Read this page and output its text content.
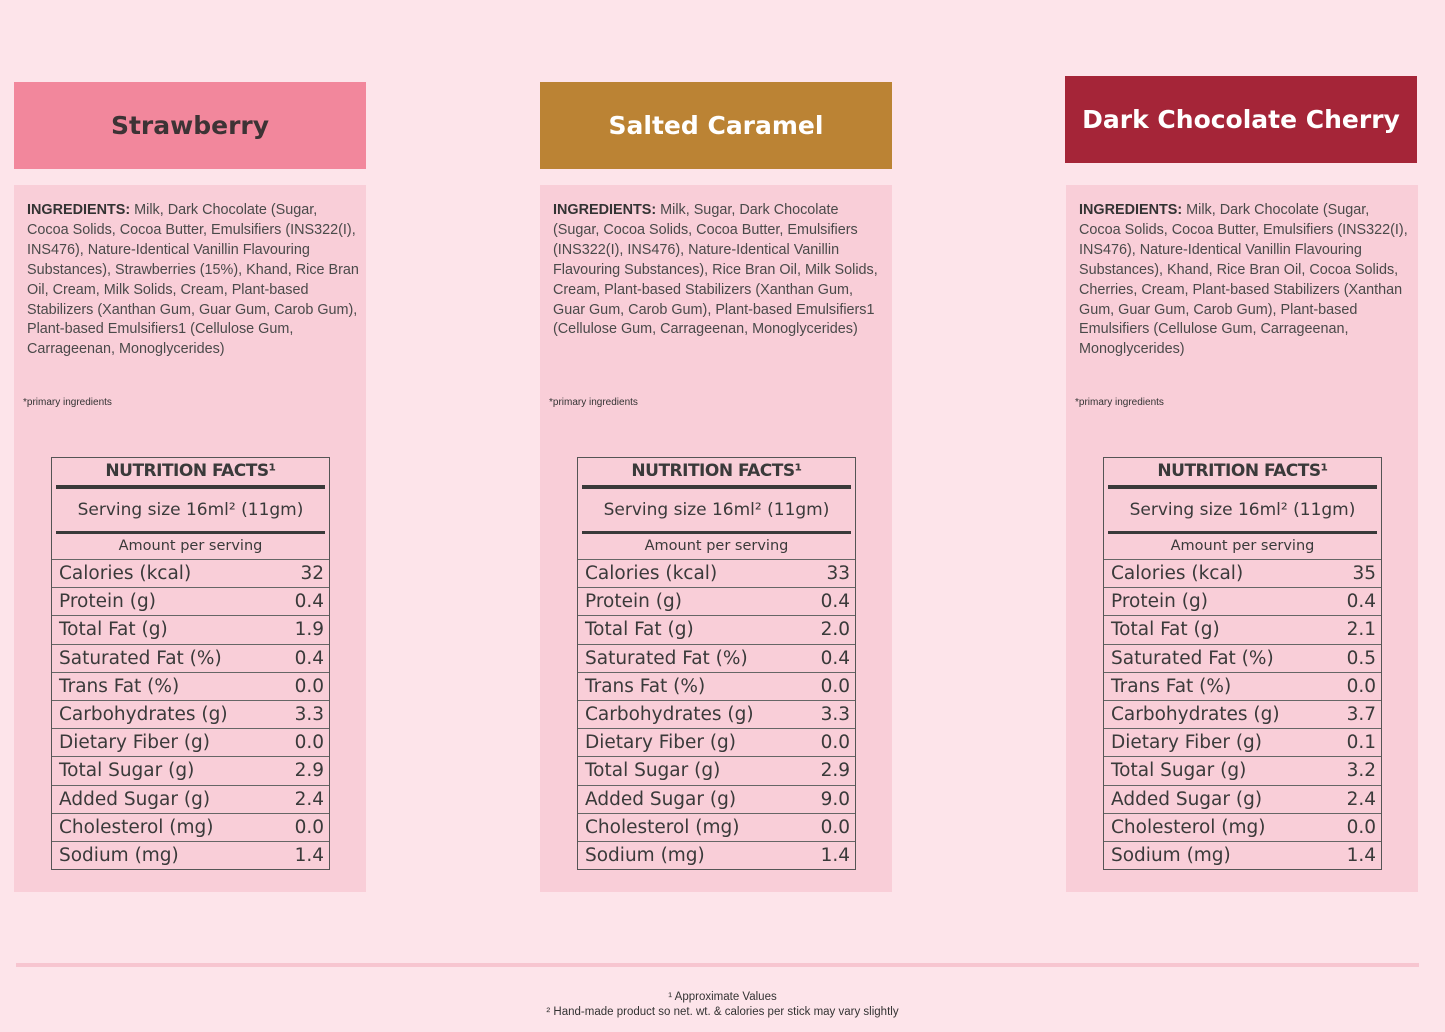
Strawberry	Salted Caramel	Dark Chocolate Cherry
INGREDIENTS: Milk, Dark Chocolate (Sugar, Cocoa Solids, Cocoa Butter, Emulsifiers (INS322(I), INS476), Nature-Identical Vanillin Flavouring Substances), Strawberries (15%), Khand, Rice Bran Oil, Cream, Milk Solids, Cream, Plant-based Stabilizers (Xanthan Gum, Guar Gum, Carob Gum), Plant-based Emulsifiers1 (Cellulose Gum, Carrageenan, Monoglycerides)
*primary ingredients
NUTRITION FACTS¹
Serving size 16ml² (11gm)
Amount per serving
Calories (kcal)	32
Protein (g)	0.4
Total Fat (g)	1.9
Saturated Fat (%)	0.4
Trans Fat (%)	0.0
Carbohydrates (g)	3.3
Dietary Fiber (g)	0.0
Total Sugar (g)	2.9
Added Sugar (g)	2.4
Cholesterol (mg)	0.0
Sodium (mg)	1.4
INGREDIENTS: Milk, Sugar, Dark Chocolate (Sugar, Cocoa Solids, Cocoa Butter, Emulsifiers (INS322(I), INS476), Nature-Identical Vanillin Flavouring Substances), Rice Bran Oil, Milk Solids, Cream, Plant-based Stabilizers (Xanthan Gum, Guar Gum, Carob Gum), Plant-based Emulsifiers1 (Cellulose Gum, Carrageenan, Monoglycerides)
*primary ingredients
NUTRITION FACTS¹
Serving size 16ml² (11gm)
Amount per serving
Calories (kcal)	33
Protein (g)	0.4
Total Fat (g)	2.0
Saturated Fat (%)	0.4
Trans Fat (%)	0.0
Carbohydrates (g)	3.3
Dietary Fiber (g)	0.0
Total Sugar (g)	2.9
Added Sugar (g)	9.0
Cholesterol (mg)	0.0
Sodium (mg)	1.4
INGREDIENTS: Milk, Dark Chocolate (Sugar, Cocoa Solids, Cocoa Butter, Emulsifiers (INS322(I), INS476), Nature-Identical Vanillin Flavouring Substances), Khand, Rice Bran Oil, Cocoa Solids, Cherries, Cream, Plant-based Stabilizers (Xanthan Gum, Guar Gum, Carob Gum), Plant-based Emulsifiers (Cellulose Gum, Carrageenan, Monoglycerides)
*primary ingredients
NUTRITION FACTS¹
Serving size 16ml² (11gm)
Amount per serving
Calories (kcal)	35
Protein (g)	0.4
Total Fat (g)	2.1
Saturated Fat (%)	0.5
Trans Fat (%)	0.0
Carbohydrates (g)	3.7
Dietary Fiber (g)	0.1
Total Sugar (g)	3.2
Added Sugar (g)	2.4
Cholesterol (mg)	0.0
Sodium (mg)	1.4
¹ Approximate Values
² Hand-made product so net. wt. & calories per stick may vary slightly
